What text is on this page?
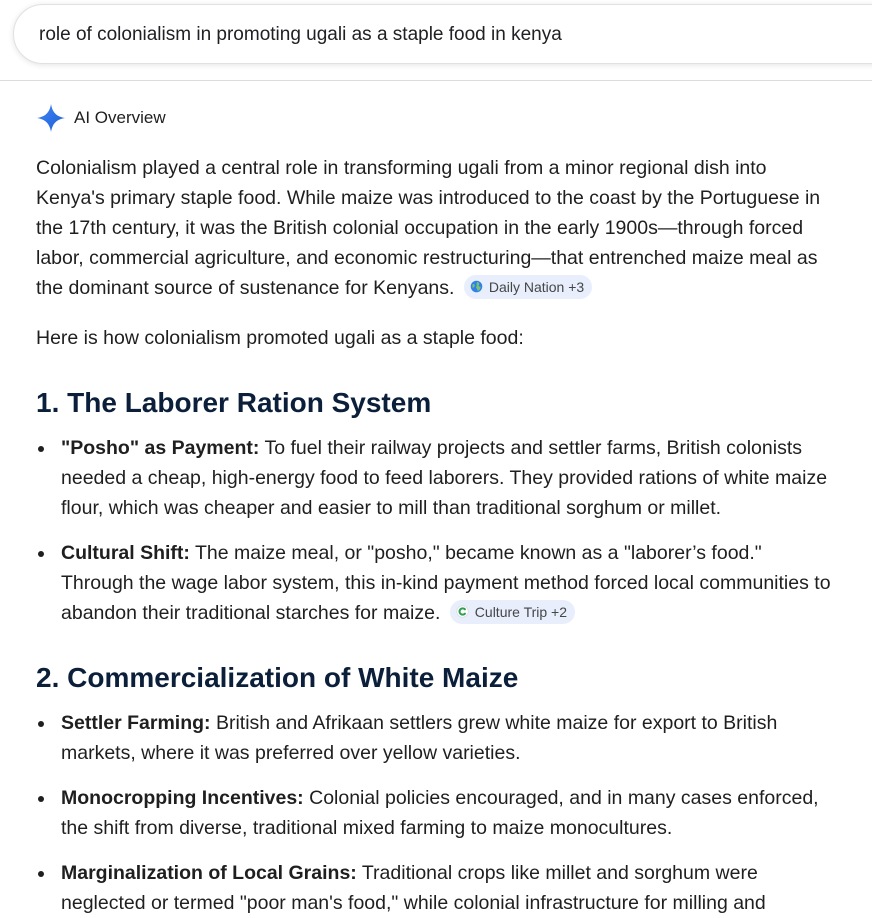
role of colonialism in promoting ugali as a staple food in kenya
AI Overview

Colonialism played a central role in transforming ugali from a minor regional dish into Kenya's primary staple food. While maize was introduced to the coast by the Portuguese in the 17th century, it was the British colonial occupation in the early 1900s—through forced labor, commercial agriculture, and economic restructuring—that entrenched maize meal as the dominant source of sustenance for Kenyans. Daily Nation +3

Here is how colonialism promoted ugali as a staple food:

1. The Laborer Ration System
"Posho" as Payment: To fuel their railway projects and settler farms, British colonists needed a cheap, high-energy food to feed laborers. They provided rations of white maize flour, which was cheaper and easier to mill than traditional sorghum or millet.
Cultural Shift: The maize meal, or "posho," became known as a "laborer’s food." Through the wage labor system, this in-kind payment method forced local communities to abandon their traditional starches for maize. Culture Trip +2
2. Commercialization of White Maize
Settler Farming: British and Afrikaan settlers grew white maize for export to British markets, where it was preferred over yellow varieties.
Monocropping Incentives: Colonial policies encouraged, and in many cases enforced, the shift from diverse, traditional mixed farming to maize monocultures.
Marginalization of Local Grains: Traditional crops like millet and sorghum were neglected or termed "poor man's food," while colonial infrastructure for milling and
